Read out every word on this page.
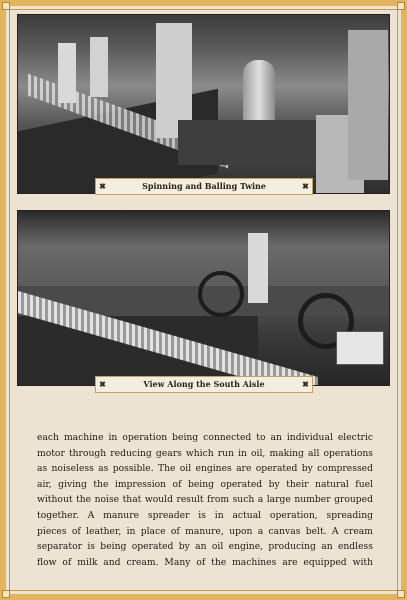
✖	Spinning and Balling Twine	✖
✖	View Along the South Aisle	✖
each machine in operation being connected to an individual electric
motor through reducing gears which run in oil, making all operations
as noiseless as possible. The oil engines are operated by compressed
air, giving the impression of being operated by their natural fuel
without the noise that would result from such a large number grouped
together. A manure spreader is in actual operation, spreading
pieces of leather, in place of manure, upon a canvas belt. A cream
separator is being operated by an oil engine, producing an endless
flow of milk and cream. Many of the machines are equipped with
